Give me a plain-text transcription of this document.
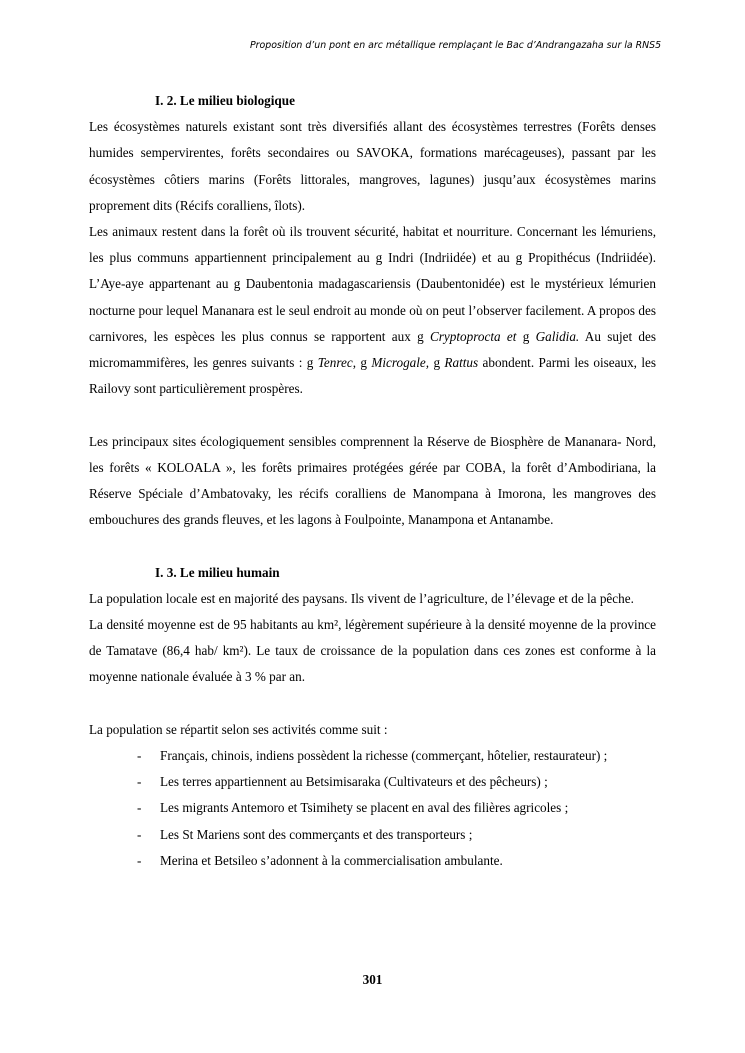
Proposition d’un pont en arc métallique remplaçant le Bac d’Andrangazaha sur la RNS5
I. 2. Le milieu biologique

Les écosystèmes naturels existant sont très diversifiés allant des écosystèmes terrestres (Forêts denses humides sempervirentes, forêts secondaires ou SAVOKA, formations marécageuses), passant par les écosystèmes côtiers marins (Forêts littorales, mangroves, lagunes) jusqu’aux écosystèmes marins proprement dits (Récifs coralliens, îlots).

Les animaux restent dans la forêt où ils trouvent sécurité, habitat et nourriture. Concernant les lémuriens, les plus communs appartiennent principalement au g Indri (Indriidée) et au g Propithécus (Indriidée). L’Aye-aye appartenant au g Daubentonia madagascariensis (Daubentonidée) est le mystérieux lémurien nocturne pour lequel Mananara est le seul endroit au monde où on peut l’observer facilement. A propos des carnivores, les espèces les plus connus se rapportent aux g Cryptoprocta et g Galidia. Au sujet des micromammifères, les genres suivants : g Tenrec, g Microgale, g Rattus abondent. Parmi les oiseaux, les Railovy sont particulièrement prospères.

Les principaux sites écologiquement sensibles comprennent la Réserve de Biosphère de Mananara- Nord, les forêts « KOLOALA », les forêts primaires protégées gérée par COBA, la forêt d’Ambodiriana, la Réserve Spéciale d’Ambatovaky, les récifs coralliens de Manompana à Imorona, les mangroves des embouchures des grands fleuves, et les lagons à Foulpointe, Manampona et Antanambe.

I. 3. Le milieu humain

La population locale est en majorité des paysans. Ils vivent de l’agriculture, de l’élevage et de la pêche.

La densité moyenne est de 95 habitants au km², légèrement supérieure à la densité moyenne de la province de Tamatave (86,4 hab/ km²). Le taux de croissance de la population dans ces zones est conforme à la moyenne nationale évaluée à 3 % par an.

La population se répartit selon ses activités comme suit :

- Français, chinois, indiens possèdent la richesse (commerçant, hôtelier, restaurateur) ;
- Les terres appartiennent au Betsimisaraka (Cultivateurs et des pêcheurs) ;
- Les migrants Antemoro et Tsimihety se placent en aval des filières agricoles ;
- Les St Mariens sont des commerçants et des transporteurs ;
- Merina et Betsileo s’adonnent à la commercialisation ambulante.
301
